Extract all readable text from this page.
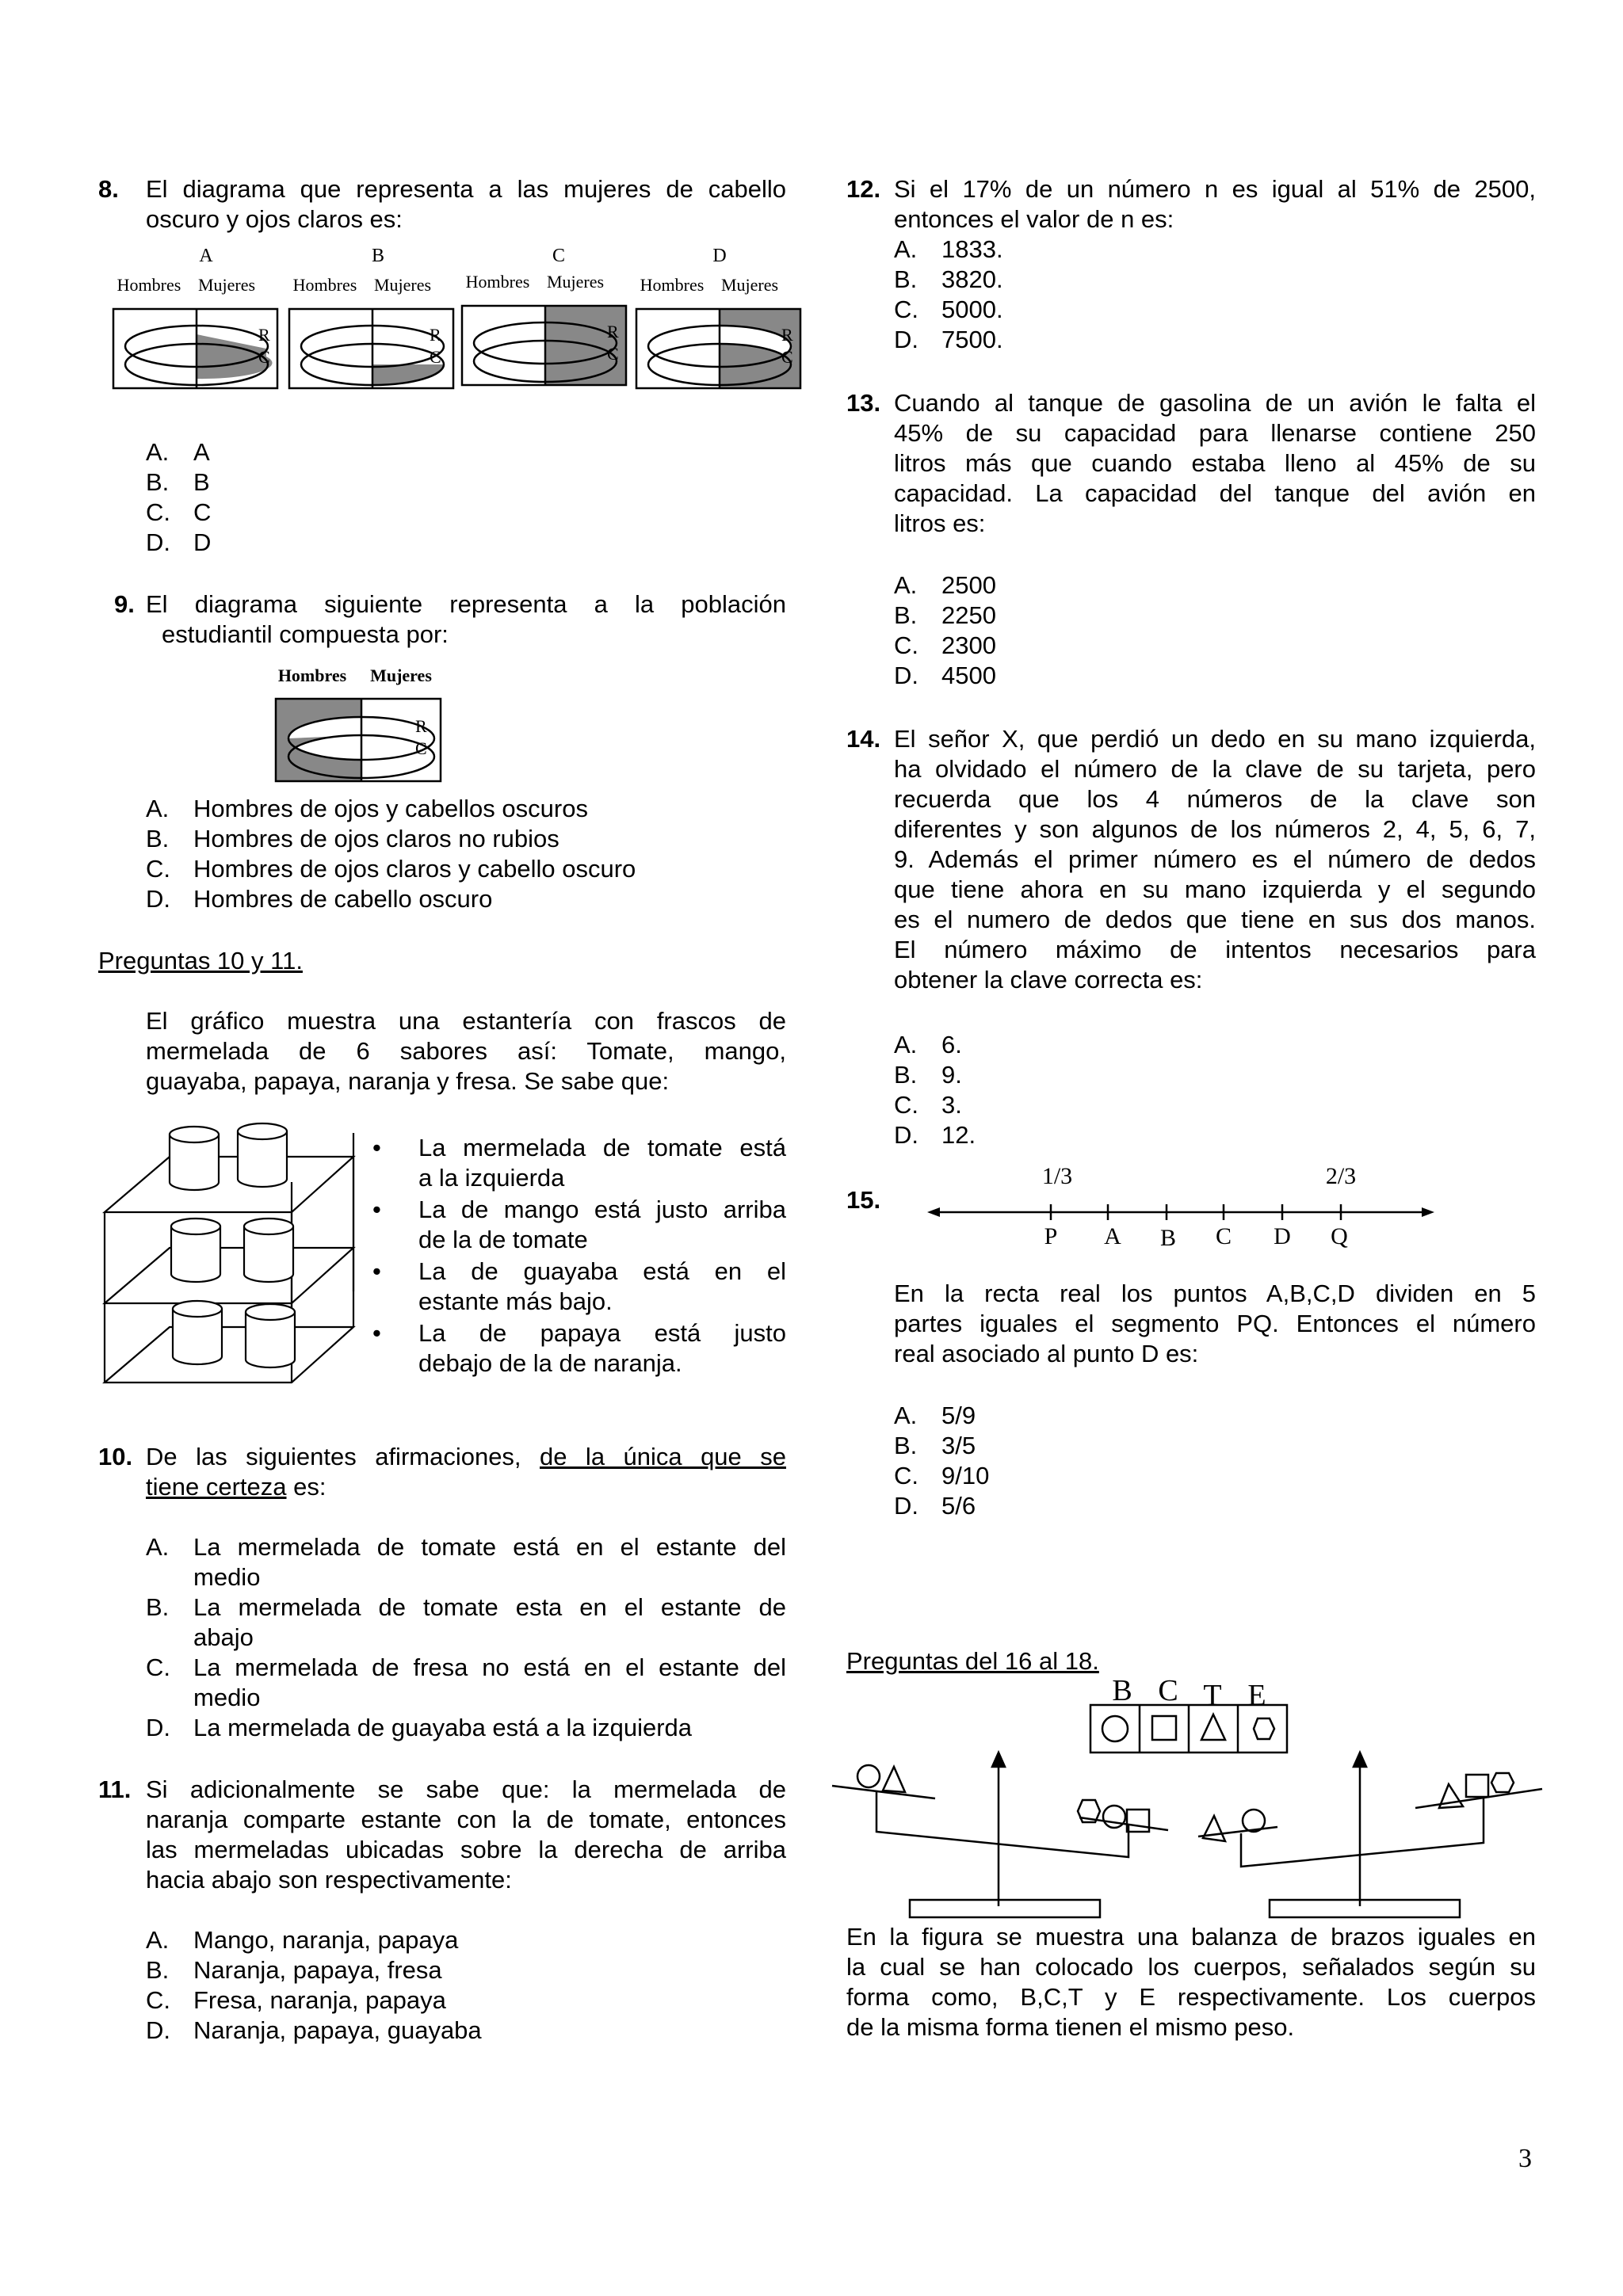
8. El diagrama que representa a las mujeres de cabello
oscuro y ojos claros es:
A
Hombres Mujeres
R
C
B
Hombres Mujeres
R
C
C
Hombres Mujeres
R
C
D
Hombres Mujeres
R
C
A. A
B. B
C. C
D. D
9. El diagrama siguiente representa a la población
estudiantil compuesta por:
Hombres Mujeres
R
C
A. Hombres de ojos y cabellos oscuros
B. Hombres de ojos claros no rubios
C. Hombres de ojos claros y cabello oscuro
D. Hombres de cabello oscuro
Preguntas 10 y 11.
El gráfico muestra una estantería con frascos de
mermelada de 6 sabores así: Tomate, mango,
guayaba, papaya, naranja y fresa. Se sabe que:
• La mermelada de tomate está
a la izquierda
• La de mango está justo arriba
de la de tomate
• La de guayaba está en el
estante más bajo.
• La de papaya está justo
debajo de la de naranja.
10. De las siguientes afirmaciones, de la única que se
tiene certeza es:
A. La mermelada de tomate está en el estante del
medio
B. La mermelada de tomate esta en el estante de
abajo
C. La mermelada de fresa no está en el estante del
medio
D. La mermelada de guayaba está a la izquierda
11. Si adicionalmente se sabe que: la mermelada de
naranja comparte estante con la de tomate, entonces
las mermeladas ubicadas sobre la derecha de arriba
hacia abajo son respectivamente:
A. Mango, naranja, papaya
B. Naranja, papaya, fresa
C. Fresa, naranja, papaya
D. Naranja, papaya, guayaba
12. Si el 17% de un número n es igual al 51% de 2500,
entonces el valor de n es:
A. 1833.
B. 3820.
C. 5000.
D. 7500.
13. Cuando al tanque de gasolina de un avión le falta el
45% de su capacidad para llenarse contiene 250
litros más que cuando estaba lleno al 45% de su
capacidad. La capacidad del tanque del avión en
litros es:
A. 2500
B. 2250
C. 2300
D. 4500
14. El señor X, que perdió un dedo en su mano izquierda,
ha olvidado el número de la clave de su tarjeta, pero
recuerda que los 4 números de la clave son
diferentes y son algunos de los números 2, 4, 5, 6, 7,
9. Además el primer número es el número de dedos
que tiene ahora en su mano izquierda y el segundo
es el numero de dedos que tiene en sus dos manos.
El número máximo de intentos necesarios para
obtener la clave correcta es:
A. 6.
B. 9.
C. 3.
D. 12.
15.
1/3	2/3
P A B C D Q
En la recta real los puntos A,B,C,D dividen en 5
partes iguales el segmento PQ. Entonces el número
real asociado al punto D es:
A. 5/9
B. 3/5
C. 9/10
D. 5/6
Preguntas del 16 al 18.
B C T E
En la figura se muestra una balanza de brazos iguales en
la cual se han colocado los cuerpos, señalados según su
forma como, B,C,T y E respectivamente. Los cuerpos
de la misma forma tienen el mismo peso.
3
